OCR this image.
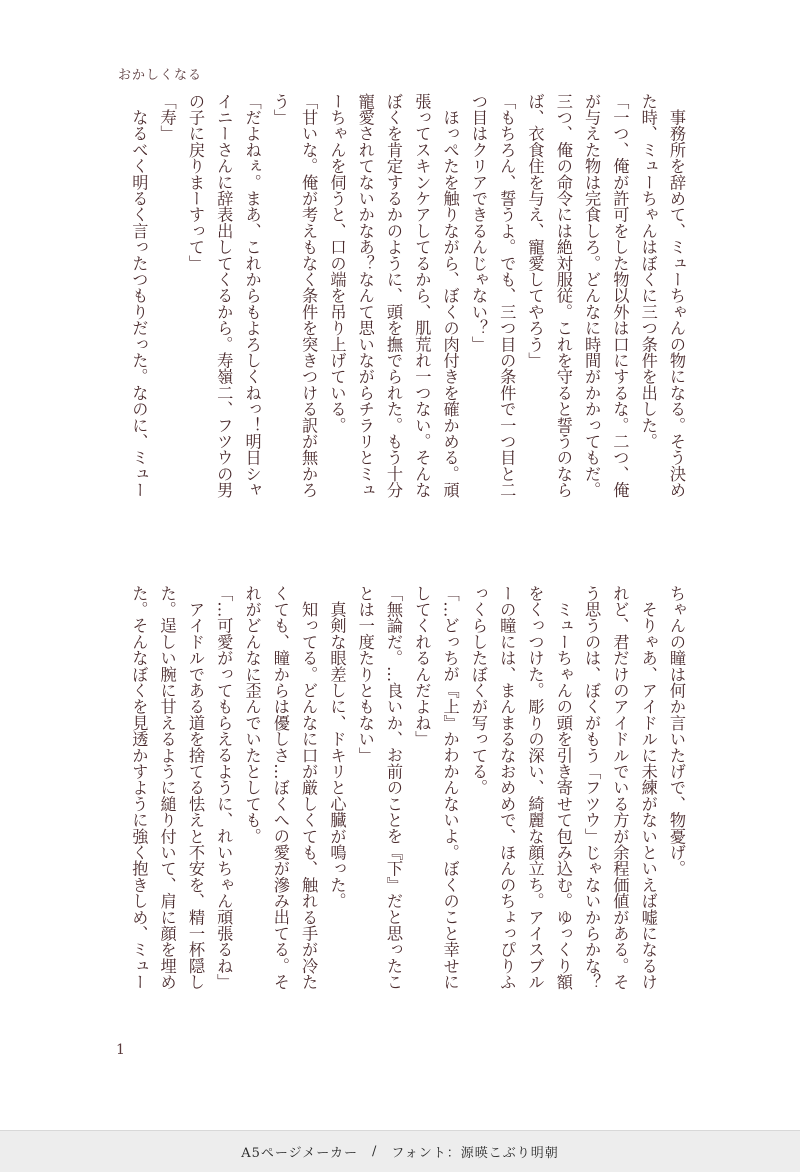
おかしくなる
　事務所を辞めて、ミューちゃんの物になる。そう決め
た時、ミューちゃんはぼくに三つ条件を出した。
「一つ、俺が許可をした物以外は口にするな。二つ、俺
が与えた物は完食しろ。どんなに時間がかかってもだ。
三つ、俺の命令には絶対服従。これを守ると誓うのなら
ば、衣食住を与え、寵愛してやろう」
「もちろん、誓うよ。でも、三つ目の条件で一つ目と二
つ目はクリアできるんじゃない？」
　ほっぺたを触りながら、ぼくの肉付きを確かめる。頑
張ってスキンケアしてるから、肌荒れ一つない。そんな
ぼくを肯定するかのように、頭を撫でられた。もう十分
寵愛されてないかなあ？なんて思いながらチラリとミュ
ーちゃんを伺うと、口の端を吊り上げている。
「甘いな。俺が考えもなく条件を突きつける訳が無かろ
う」
「だよねぇ。まあ、これからもよろしくねっ！明日シャ
イニーさんに辞表出してくるから。寿嶺二、フツウの男
の子に戻りまーすって」
「寿」
　なるべく明るく言ったつもりだった。なのに、ミュー
ちゃんの瞳は何か言いたげで、物憂げ。
　そりゃあ、アイドルに未練がないといえば嘘になるけ
れど、君だけのアイドルでいる方が余程価値がある。そ
う思うのは、ぼくがもう「フツウ」じゃないからかな？
　ミューちゃんの頭を引き寄せて包み込む。ゆっくり額
をくっつけた。彫りの深い、綺麗な顔立ち。アイスブル
ーの瞳には、まんまるなおめめで、ほんのちょっぴりふ
っくらしたぼくが写ってる。
「…どっちが『上』かわかんないよ。ぼくのこと幸せに
してくれるんだよね」
「無論だ。…良いか、お前のことを『下』だと思ったこ
とは一度たりともない」
　真剣な眼差しに、ドキリと心臓が鳴った。
　知ってる。どんなに口が厳しくても、触れる手が冷た
くても、瞳からは優しさ…ぼくへの愛が滲み出てる。そ
れがどんなに歪んでいたとしても。
「…可愛がってもらえるように、れいちゃん頑張るね」
　アイドルである道を捨てる怯えと不安を、精一杯隠し
た。逞しい腕に甘えるように縋り付いて、肩に顔を埋め
た。そんなぼくを見透かすように強く抱きしめ、ミュー
1
A5ページメーカー / フォント：源暎こぶり明朝
